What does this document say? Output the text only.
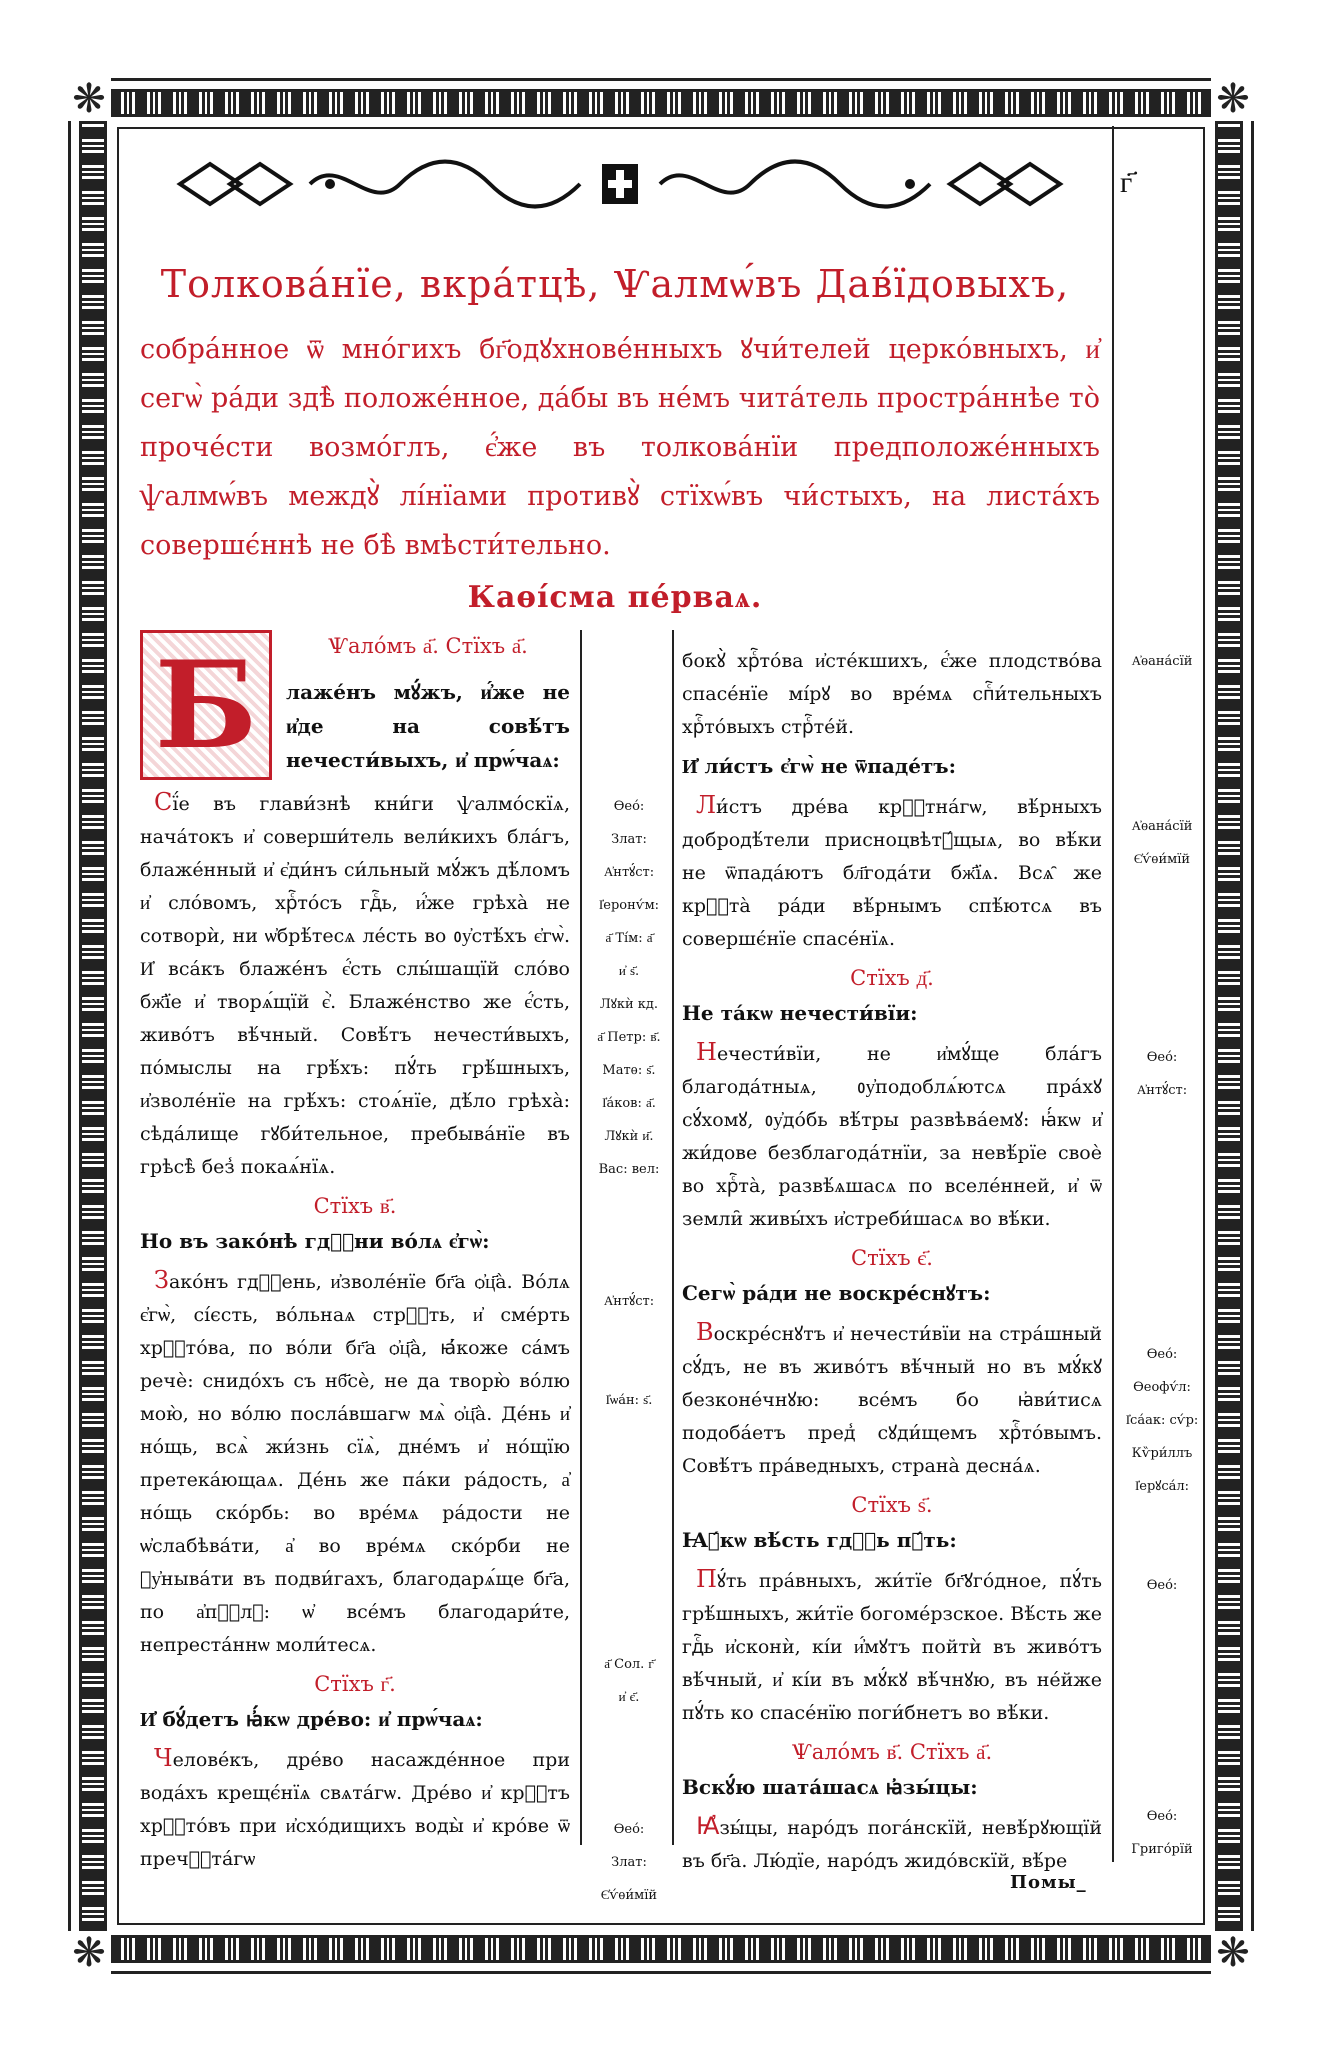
❋	❋
❋	❋
г҃
Толкова́нїе, вкра́тцѣ, Ѱалмѡ́въ Дав́їдовыхъ,
собра́нное ѿ мно́гихъ бг҃одꙋхнове́нныхъ ꙋчи́телей церко́вныхъ, и҆ сегѡ̀ ра́ди здѣ̀ положе́нное, да́бы въ не́мъ чита́тель простра́ннѣе то̀ проче́сти возмо́глъ, є҆́же въ толкова́нїи предположе́нныхъ ѱалмѡ́въ междꙋ̀ лі́нїами противꙋ̀ стїхѡ́въ чи́стыхъ, на листа́хъ совершє́ннѣ не бѣ̀ вмѣсти́тельно.
Каѳі́сма пе́рваѧ.
Б	Ѱало́мъ а҃. Стїхъ а҃.
лаже́нъ мꙋ́жъ, и҆́же не и҆де на совѣ́тъ нечести́выхъ, и҆ прѡ́чаѧ:

Сї́е въ глави́знѣ кни́ги ѱалмо́скїѧ, нача́токъ и҆ соверши́тель вели́кихъ бла́гъ, блаже́нный и҆ є҆ди́нъ си́льный мꙋ́жъ дѣ́ломъ и҆ сло́вомъ, хрⷭ҇то́съ гдⷭ҇ь, и҆́же грѣха̀ не сотворѝ, ни ѡ҆брѣ́тесѧ ле́сть во ᲂу҆стѣ́хъ є҆гѡ̀. И҆ вса́къ блаже́нъ є҆́сть слы́шащїй сло́во бж҃їе и҆ творѧ́щїй є҆̀. Блаже́нство же є҆́сть, живо́тъ вѣ́чный. Совѣ́тъ нечести́выхъ, по́мыслы на грѣ́хъ: пꙋ́ть грѣ́шныхъ, и҆зволе́нїе на грѣ́хъ: стоѧ́нїе, дѣ́ло грѣха̀: сѣда́лище гꙋби́тельное, пребыва́нїе въ грѣсѣ̀ без̾ покаѧ́нїѧ.

Стїхъ в҃.
Но въ зако́нѣ гдⷭ҇ни во́лѧ є҆гѡ̀:

Зако́нъ гдⷭ҇ень, и҆зволе́нїе бг҃а ѻ҆ц҃а̀. Во́лѧ є҆гѡ̀, сі́єсть, во́льнаѧ стрⷭ҇ть, и҆ сме́рть хрⷭ҇то́ва, по во́ли бг҃а ѻ҆ц҃а̀, ꙗ҆́коже са́мъ речѐ: снидо́хъ съ нб҃сѐ, не да творю̀ во́лю мою̀, но во́лю посла́вшагѡ мѧ̀ ѻ҆ц҃а̀. Де́нь и҆ но́щь, всѧ̀ жи́знь сїѧ̀, дне́мъ и҆ но́щїю претека́ющаѧ. Де́нь же па́ки ра́дость, а҆ но́щь ско́рбь: во вре́мѧ ра́дости не ѡ҆слабѣва́ти, а҆ во вре́мѧ ско́рби не ᲂу҆ныва́ти въ подви́гахъ, благодарѧ́ще бг҃а, по а҆пⷭ҇лꙋ: ѡ҆ все́мъ благодари́те, непреста́ннѡ моли́тесѧ.

Стїхъ г҃.
И҆ бꙋ́детъ ꙗ҆́кѡ дре́во: и҆ прѡ́чаѧ:

Челове́къ, дре́во насажде́нное при вода́хъ крещє́нїѧ свѧта́гѡ. Дре́во и҆ крⷭ҇тъ хрⷭ҇то́въ при и҆схо́дищихъ воды̀ и҆ кро́ве ѿ пречⷭ҇та́гѡ

Ѳео́:
Злат:
А҆нтꙋ́ст:
І҆еронѵ́м:
а҃ Ті́м: а҃
и҆ ѕ҃.
Лꙋкѝ кд.
а҃ Петр: в҃.
Матѳ: ѕ҃.
І҆а́ков: а҃.
Лꙋкѝ и҃.
Вас: вел:
А҆нтꙋ́ст:
І҆ѡа́н: ѕ҃.
а҃ Сол. г҃
и҆ є҃.
Ѳео́:
Злат:
Є҆ѵ́ѳи́мїй

бокꙋ̀ хрⷭ҇то́ва и҆сте́кшихъ, є҆́же плодство́ва спасе́нїе мі́рꙋ во вре́мѧ спⷭ҇и́тельныхъ хрⷭ҇то́выхъ стрⷭ҇те́й.

И҆ ли́стъ є҆гѡ̀ не ѿпаде́тъ:

Ли́стъ дре́ва крⷭ҇тна́гѡ, вѣ́рныхъ добродѣ́тели присноцвѣтꙋ́щыѧ, во вѣ́ки не ѿпада́ютъ бл҃года́ти бж҃їѧ. Всѧ̑ же крⷭ҇та̀ ра́ди вѣ́рнымъ спѣ́ютсѧ въ совершє́нїе спасе́нїѧ.

Стїхъ д҃.
Не та́кѡ нечести́вїи:

Нечести́вїи, не и҆мꙋ́ще бла́гъ благода́тныѧ, ᲂу҆подоблѧ́ютсѧ пра́хꙋ сꙋ́хомꙋ, ᲂу҆до́бь вѣ́тры развѣва́емꙋ: ꙗ҆́кѡ и҆ жи́дове безблагода́тнїи, за невѣ́рїе своѐ во хрⷭ҇та̀, развѣ́ѧшасѧ по вселе́нней, и҆ ѿ земли̑ живы́хъ и҆стреби́шасѧ во вѣ́ки.

Стїхъ є҃.
Сегѡ̀ ра́ди не воскре́снꙋтъ:

Воскре́снꙋтъ и҆ нечести́вїи на стра́шный сꙋ́дъ, не въ живо́тъ вѣ́чный но въ мꙋ́кꙋ безконе́чнꙋю: все́мъ бо ꙗ҆ви́тисѧ подоба́етъ пред̾ сꙋди́щемъ хрⷭ҇то́вымъ. Совѣ́тъ пра́ведныхъ, страна̀ десна́ѧ.

Стїхъ ѕ҃.
Ꙗ҆́кѡ вѣ́сть гдⷭ҇ь пꙋ́ть:

Пꙋ́ть пра́вныхъ, жи́тїе бг҃ꙋго́дное, пꙋ́ть грѣ́шныхъ, жи́тїе богоме́рзское. Вѣ́сть же гдⷭ҇ь и҆сконѝ, кі́и и҆́мꙋтъ пойтѝ въ живо́тъ вѣ́чный, и҆ кі́и въ мꙋ́кꙋ вѣ́чнꙋю, въ не́йже пꙋ́ть ко спасе́нїю поги́бнетъ во вѣ́ки.

Ѱало́мъ в҃. Стїхъ а҃.
Вскꙋ́ю шата́шасѧ ꙗ҆зы́цы:

Ꙗ҆зы́цы, наро́дъ пога́нскїй, невѣ́рꙋющїй въ бг҃а. Лю́дїе, наро́дъ жидо́вскїй, вѣ́ре

А҆ѳана́сїй
А҆ѳана́сїй
Є҆ѵ́ѳи́мїй
Ѳео́:
А҆нтꙋ́ст:
Ѳео́:
Ѳеофѵ́л:
І҆са́ак: сѵ́р:
Кѷри́ллъ
І҆ерꙋса́л:
Ѳео́:
Ѳео́:
Григо́рїй
Помы_
